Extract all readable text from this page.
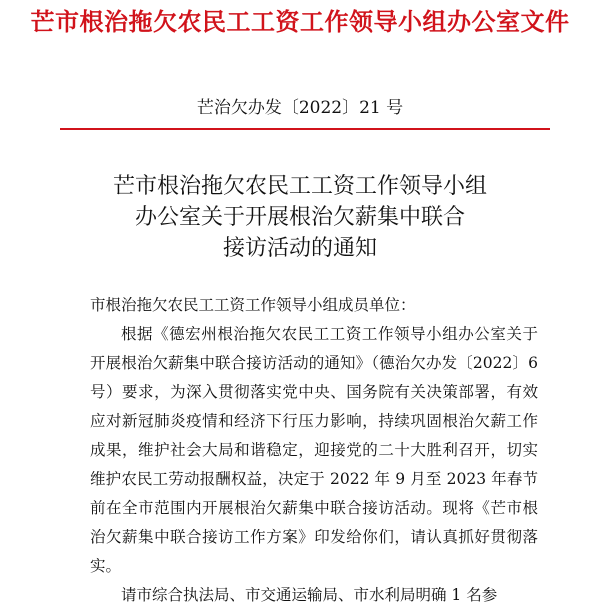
芒市根治拖欠农民工工资工作领导小组办公室文件
芒治欠办发〔2022〕21 号
芒市根治拖欠农民工工资工作领导小组
办公室关于开展根治欠薪集中联合
接访活动的通知
市根治拖欠农民工工资工作领导小组成员单位：
根据《德宏州根治拖欠农民工工资工作领导小组办公室关于开展根治欠薪集中联合接访活动的通知》（德治欠办发〔2022〕6 号）要求，为深入贯彻落实党中央、国务院有关决策部署，有效应对新冠肺炎疫情和经济下行压力影响，持续巩固根治欠薪工作成果，维护社会大局和谐稳定，迎接党的二十大胜利召开，切实维护农民工劳动报酬权益，决定于 2022 年 9 月至 2023 年春节前在全市范围内开展根治欠薪集中联合接访活动。现将《芒市根治欠薪集中联合接访工作方案》印发给你们，请认真抓好贯彻落实。
请市综合执法局、市交通运输局、市水利局明确 1 名参
